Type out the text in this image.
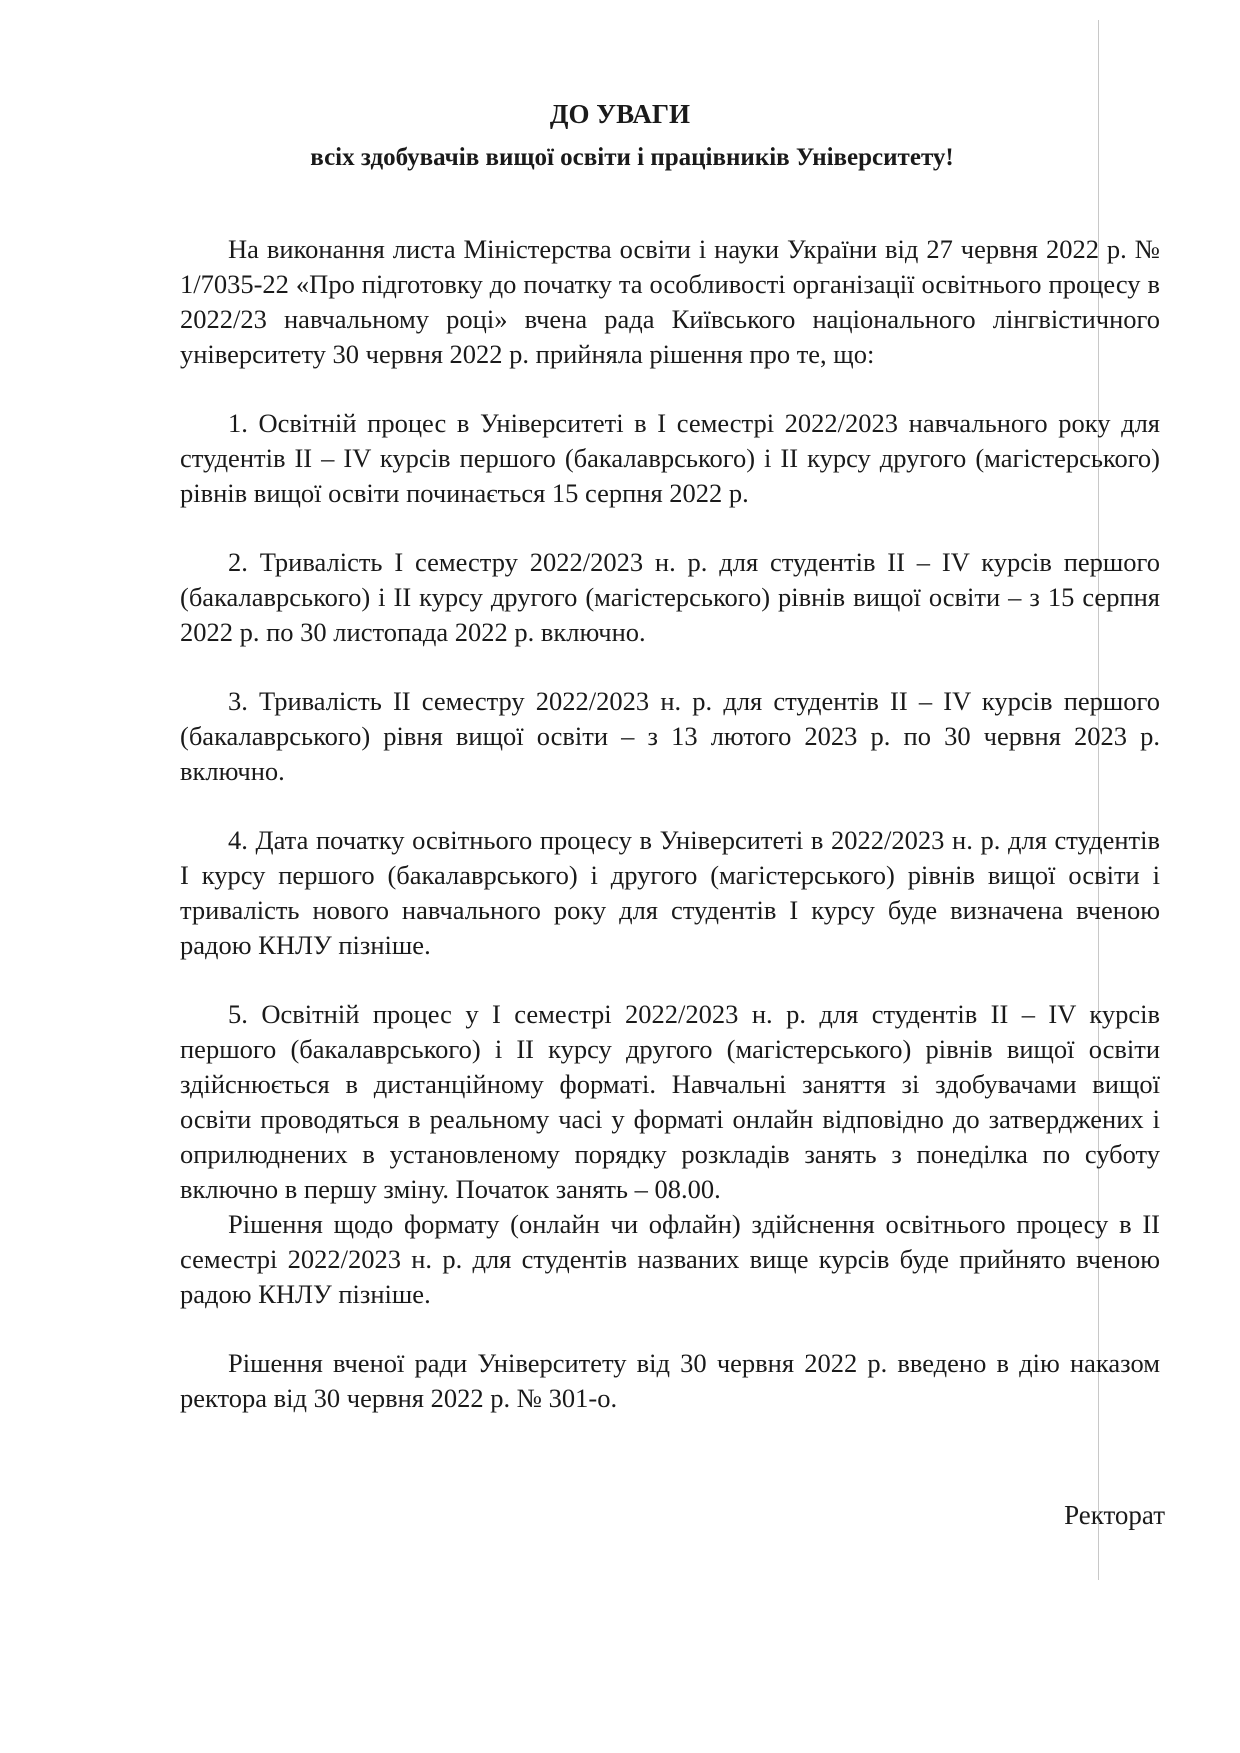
ДО УВАГИ
всіх здобувачів вищої освіти і працівників Університету!

На виконання листа Міністерства освіти і науки України від 27 червня 2022 р. № 1/7035-22 «Про підготовку до початку та особливості організації освітнього процесу в 2022/23 навчальному році» вчена рада Київського національного лінгвістичного університету 30 червня 2022 р. прийняла рішення про те, що:

1. Освітній процес в Університеті в І семестрі 2022/2023 навчального року для студентів ІІ – IV курсів першого (бакалаврського) і ІІ курсу другого (магістерського) рівнів вищої освіти починається 15 серпня 2022 р.

2. Тривалість І семестру 2022/2023 н. р. для студентів ІІ – IV курсів першого (бакалаврського) і ІІ курсу другого (магістерського) рівнів вищої освіти – з 15 серпня 2022 р. по 30 листопада 2022 р. включно.

3. Тривалість ІІ семестру 2022/2023 н. р. для студентів ІІ – IV курсів першого (бакалаврського) рівня вищої освіти – з 13 лютого 2023 р. по 30 червня 2023 р. включно.

4. Дата початку освітнього процесу в Університеті в 2022/2023 н. р. для студентів І курсу першого (бакалаврського) і другого (магістерського) рівнів вищої освіти і тривалість нового навчального року для студентів І курсу буде визначена вченою радою КНЛУ пізніше.

5. Освітній процес у І семестрі 2022/2023 н. р. для студентів ІІ – IV курсів першого (бакалаврського) і ІІ курсу другого (магістерського) рівнів вищої освіти здійснюється в дистанційному форматі. Навчальні заняття зі здобувачами вищої освіти проводяться в реальному часі у форматі онлайн відповідно до затверджених і оприлюднених в установленому порядку розкладів занять з понеділка по суботу включно в першу зміну. Початок занять – 08.00.

Рішення щодо формату (онлайн чи офлайн) здійснення освітнього процесу в ІІ семестрі 2022/2023 н. р. для студентів названих вище курсів буде прийнято вченою радою КНЛУ пізніше.

Рішення вченої ради Університету від 30 червня 2022 р. введено в дію наказом ректора від 30 червня 2022 р. № 301-о.

Ректорат
